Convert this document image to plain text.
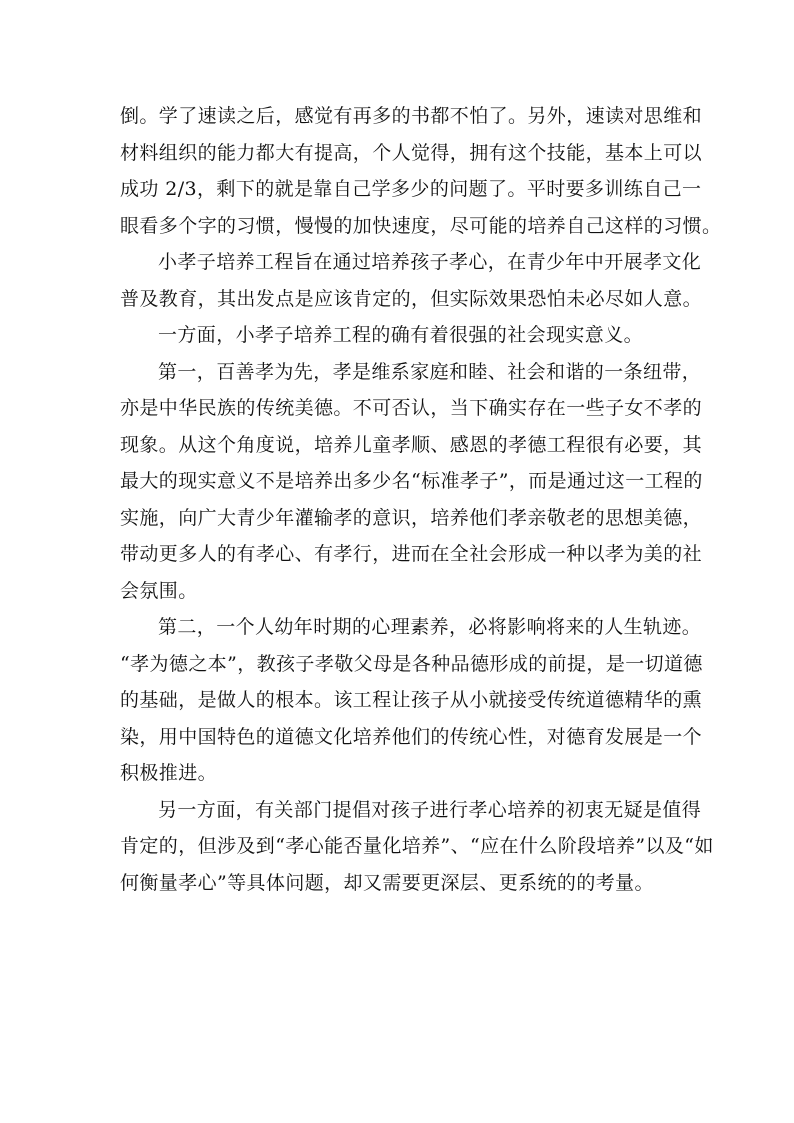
倒。学了速读之后，感觉有再多的书都不怕了。另外，速读对思维和
材料组织的能力都大有提高，个人觉得，拥有这个技能，基本上可以
成功 2/3，剩下的就是靠自己学多少的问题了。平时要多训练自己一
眼看多个字的习惯，慢慢的加快速度，尽可能的培养自己这样的习惯。
小孝子培养工程旨在通过培养孩子孝心，在青少年中开展孝文化
普及教育，其出发点是应该肯定的，但实际效果恐怕未必尽如人意。
一方面，小孝子培养工程的确有着很强的社会现实意义。
第一，百善孝为先，孝是维系家庭和睦、社会和谐的一条纽带，
亦是中华民族的传统美德。不可否认，当下确实存在一些子女不孝的
现象。从这个角度说，培养儿童孝顺、感恩的孝德工程很有必要，其
最大的现实意义不是培养出多少名“标准孝子”，而是通过这一工程的
实施，向广大青少年灌输孝的意识，培养他们孝亲敬老的思想美德，
带动更多人的有孝心、有孝行，进而在全社会形成一种以孝为美的社
会氛围。
第二，一个人幼年时期的心理素养，必将影响将来的人生轨迹。
“孝为德之本”，教孩子孝敬父母是各种品德形成的前提，是一切道德
的基础，是做人的根本。该工程让孩子从小就接受传统道德精华的熏
染，用中国特色的道德文化培养他们的传统心性，对德育发展是一个
积极推进。
另一方面，有关部门提倡对孩子进行孝心培养的初衷无疑是值得
肯定的，但涉及到“孝心能否量化培养”、“应在什么阶段培养”以及“如
何衡量孝心”等具体问题，却又需要更深层、更系统的的考量。
